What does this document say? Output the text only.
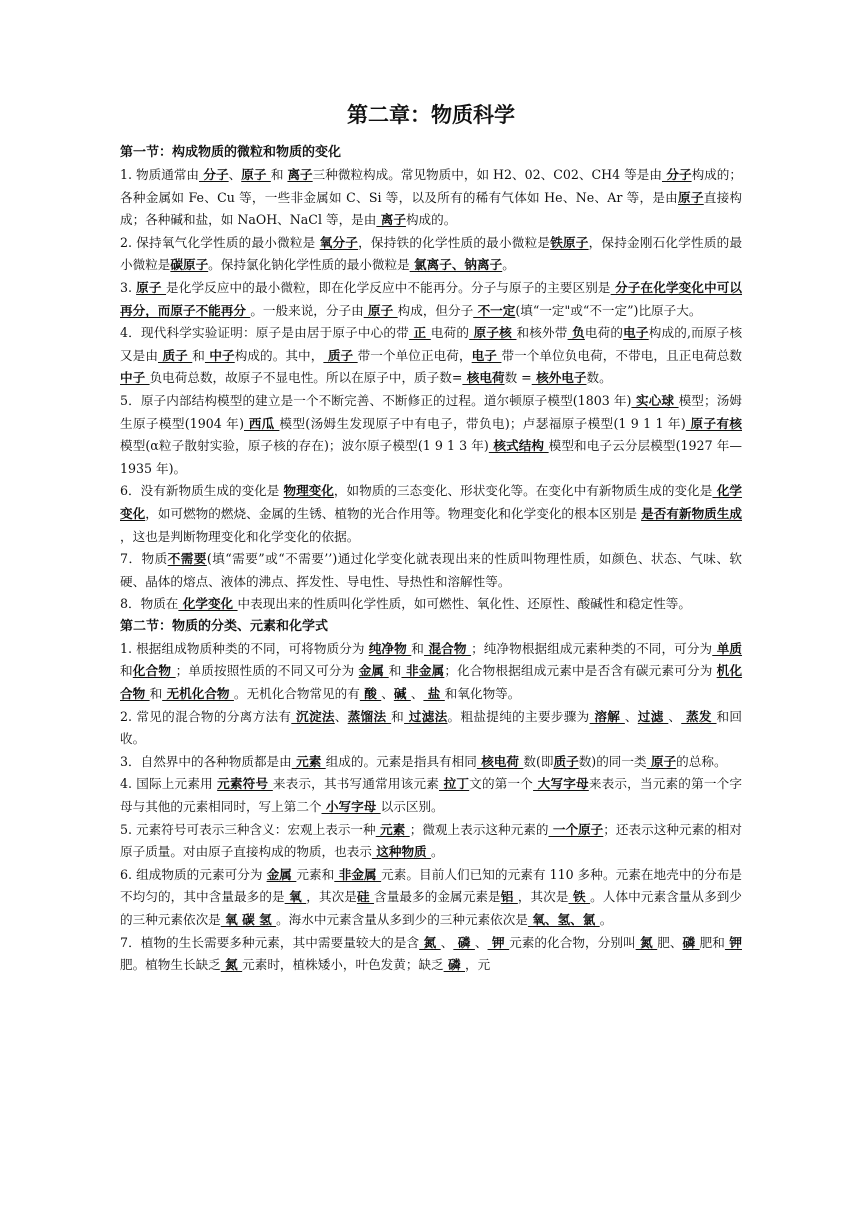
第二章：物质科学
第一节：构成物质的微粒和物质的变化

1. 物质通常由 分子、原子 和 离子三种微粒构成。常见物质中，如 H2、02、C02、CH4 等是由 分子构成的；各种金属如 Fe、Cu 等，一些非金属如 C、Si 等，以及所有的稀有气体如 He、Ne、Ar 等，是由原子直接构成；各种碱和盐，如 NaOH、NaCl 等，是由 离子构成的。

2. 保持氧气化学性质的最小微粒是 氧分子，保持铁的化学性质的最小微粒是铁原子，保持金刚石化学性质的最小微粒是碳原子。保持氯化钠化学性质的最小微粒是 氯离子、钠离子。

3. 原子 是化学反应中的最小微粒，即在化学反应中不能再分。分子与原子的主要区别是 分子在化学变化中可以再分，而原子不能再分 。一般来说，分子由 原子 构成，但分子 不一定(填“一定"或“不一定”)比原子大。

4．现代科学实验证明：原子是由居于原子中心的带 正 电荷的 原子核 和核外带 负电荷的电子构成的,而原子核又是由 质子 和 中子构成的。其中， 质子 带一个单位正电荷，电子 带一个单位负电荷，不带电，且正电荷总数 中子 负电荷总数，故原子不显电性。所以在原子中，质子数= 核电荷数 = 核外电子数。

5．原子内部结构模型的建立是一个不断完善、不断修正的过程。道尔顿原子模型(1803 年) 实心球 模型；汤姆生原子模型(1904 年) 西瓜 模型(汤姆生发现原子中有电子，带负电)；卢瑟福原子模型(1 9 1 1 年) 原子有核 模型(α粒子散射实验，原子核的存在)；波尔原子模型(1 9 1 3 年) 核式结构 模型和电子云分层模型(1927 年—1935 年)。

6．没有新物质生成的变化是 物理变化，如物质的三态变化、形状变化等。在变化中有新物质生成的变化是 化学变化，如可燃物的燃烧、金属的生锈、植物的光合作用等。物理变化和化学变化的根本区别是 是否有新物质生成 ，这也是判断物理变化和化学变化的依据。

7．物质不需要(填“需要”或“不需要’’)通过化学变化就表现出来的性质叫物理性质，如颜色、状态、气味、软硬、晶体的熔点、液体的沸点、挥发性、导电性、导热性和溶解性等。

8．物质在 化学变化 中表现出来的性质叫化学性质，如可燃性、氧化性、还原性、酸碱性和稳定性等。

第二节：物质的分类、元素和化学式

1. 根据组成物质种类的不同，可将物质分为 纯净物 和 混合物 ；纯净物根据组成元素种类的不同，可分为 单质 和化合物 ；单质按照性质的不同又可分为 金属 和 非金属；化合物根据组成元素中是否含有碳元素可分为 机化合物 和 无机化合物 。无机化合物常见的有 酸 、碱 、 盐 和氧化物等。

2. 常见的混合物的分离方法有 沉淀法、蒸馏法 和 过滤法。粗盐提纯的主要步骤为 溶解 、过滤 、 蒸发 和回收。

3．自然界中的各种物质都是由 元素 组成的。元素是指具有相同 核电荷 数(即质子数)的同一类 原子的总称。

4. 国际上元素用 元素符号 来表示，其书写通常用该元素 拉丁文的第一个 大写字母来表示，当元素的第一个字母与其他的元素相同时，写上第二个 小写字母 以示区别。

5. 元素符号可表示三种含义：宏观上表示一种 元素 ；微观上表示这种元素的 一个原子；还表示这种元素的相对原子质量。对由原子直接构成的物质，也表示 这种物质 。

6. 组成物质的元素可分为 金属 元素和 非金属 元素。目前人们已知的元素有 110 多种。元素在地壳中的分布是不均匀的，其中含量最多的是 氧 ，其次是硅 含量最多的金属元素是铝 ，其次是 铁 。人体中元素含量从多到少的三种元素依次是 氧 碳 氢 。海水中元素含量从多到少的三种元素依次是 氧、氢、氯 。

7．植物的生长需要多种元素，其中需要量较大的是含 氮 、 磷 、 钾 元素的化合物，分别叫 氮 肥、磷 肥和 钾 肥。植物生长缺乏 氮 元素时，植株矮小，叶色发黄；缺乏 磷 ，元
